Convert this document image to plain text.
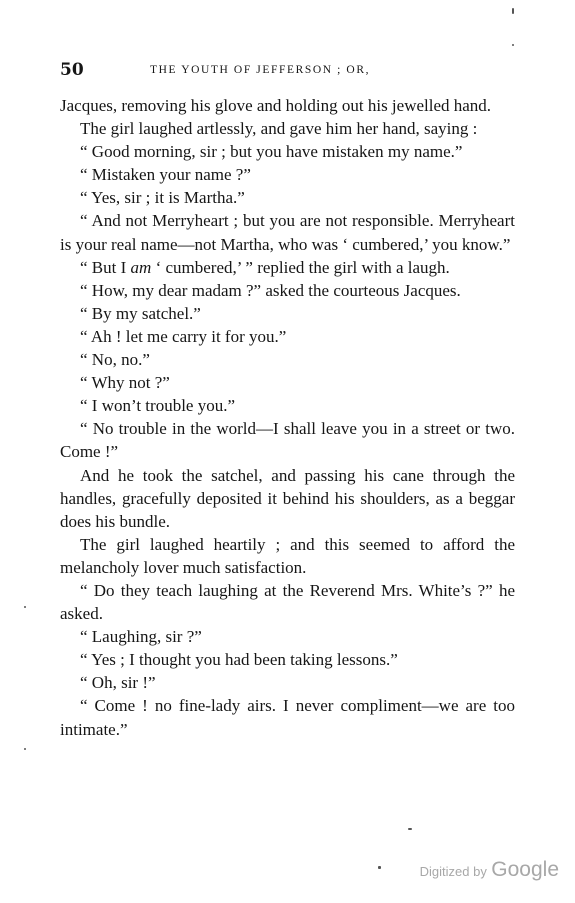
50	THE YOUTH OF JEFFERSON ; OR,

Jacques, removing his glove and holding out his jewelled hand.

The girl laughed artlessly, and gave him her hand, saying :

“ Good morning, sir ; but you have mistaken my name.”

“ Mistaken your name ?”

“ Yes, sir ; it is Martha.”

“ And not Merryheart ; but you are not responsible. Merryheart is your real name—not Martha, who was ‘ cumbered,’ you know.”

“ But I am ‘ cumbered,’ ” replied the girl with a laugh.

“ How, my dear madam ?” asked the courteous Jacques.

“ By my satchel.”

“ Ah ! let me carry it for you.”

“ No, no.”

“ Why not ?”

“ I won’t trouble you.”

“ No trouble in the world—I shall leave you in a street or two. Come !”

And he took the satchel, and passing his cane through the handles, gracefully deposited it behind his shoulders, as a beggar does his bundle.

The girl laughed heartily ; and this seemed to afford the melancholy lover much satisfaction.

“ Do they teach laughing at the Reverend Mrs. White’s ?” he asked.

“ Laughing, sir ?”

“ Yes ; I thought you had been taking lessons.”

“ Oh, sir !”

“ Come ! no fine-lady airs. I never compliment—we are too intimate.”

Digitized by Google
